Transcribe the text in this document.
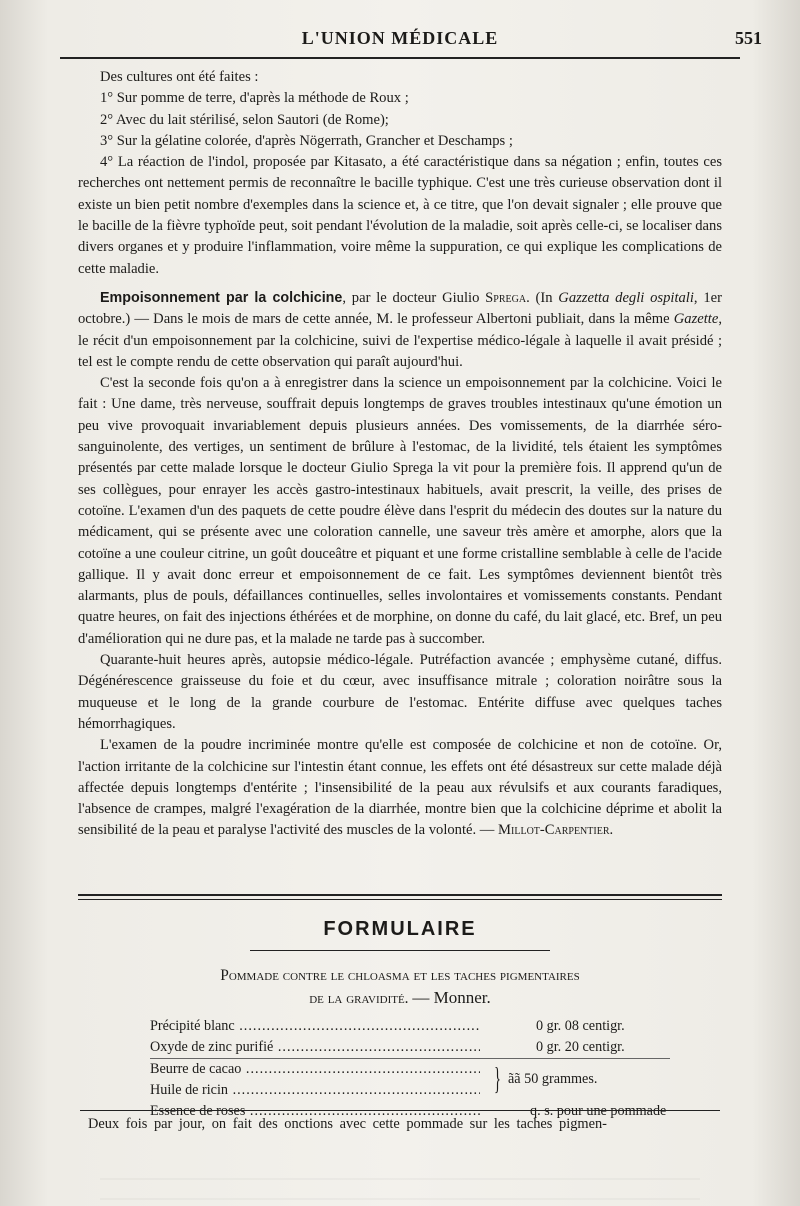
L'UNION MÉDICALE	551

Des cultures ont été faites :

1° Sur pomme de terre, d'après la méthode de Roux ;

2° Avec du lait stérilisé, selon Sautori (de Rome);

3° Sur la gélatine colorée, d'après Nögerrath, Grancher et Deschamps ;

4° La réaction de l'indol, proposée par Kitasato, a été caractéristique dans sa négation ; enfin, toutes ces recherches ont nettement permis de reconnaître le bacille typhique. C'est une très curieuse observation dont il existe un bien petit nombre d'exemples dans la science et, à ce titre, que l'on devait signaler ; elle prouve que le bacille de la fièvre typhoïde peut, soit pendant l'évolution de la maladie, soit après celle-ci, se localiser dans divers organes et y produire l'inflammation, voire même la suppuration, ce qui explique les complications de cette maladie.

Empoisonnement par la colchicine, par le docteur Giulio Sprega. (In Gazzetta degli ospitali, 1er octobre.) — Dans le mois de mars de cette année, M. le professeur Albertoni publiait, dans la même Gazette, le récit d'un empoisonnement par la colchicine, suivi de l'expertise médico-légale à laquelle il avait présidé ; tel est le compte rendu de cette observation qui paraît aujourd'hui.

C'est la seconde fois qu'on a à enregistrer dans la science un empoisonnement par la colchicine. Voici le fait : Une dame, très nerveuse, souffrait depuis longtemps de graves troubles intestinaux qu'une émotion un peu vive provoquait invariablement depuis plusieurs années. Des vomissements, de la diarrhée séro-sanguinolente, des vertiges, un sentiment de brûlure à l'estomac, de la lividité, tels étaient les symptômes présentés par cette malade lorsque le docteur Giulio Sprega la vit pour la première fois. Il apprend qu'un de ses collègues, pour enrayer les accès gastro-intestinaux habituels, avait prescrit, la veille, des prises de cotoïne. L'examen d'un des paquets de cette poudre élève dans l'esprit du médecin des doutes sur la nature du médicament, qui se présente avec une coloration cannelle, une saveur très amère et amorphe, alors que la cotoïne a une couleur citrine, un goût douceâtre et piquant et une forme cristalline semblable à celle de l'acide gallique. Il y avait donc erreur et empoisonnement de ce fait. Les symptômes deviennent bientôt très alarmants, plus de pouls, défaillances continuelles, selles involontaires et vomissements constants. Pendant quatre heures, on fait des injections éthérées et de morphine, on donne du café, du lait glacé, etc. Bref, un peu d'amélioration qui ne dure pas, et la malade ne tarde pas à succomber.

Quarante-huit heures après, autopsie médico-légale. Putréfaction avancée ; emphysème cutané, diffus. Dégénérescence graisseuse du foie et du cœur, avec insuffisance mitrale ; coloration noirâtre sous la muqueuse et le long de la grande courbure de l'estomac. Entérite diffuse avec quelques taches hémorrhagiques.

L'examen de la poudre incriminée montre qu'elle est composée de colchicine et non de cotoïne. Or, l'action irritante de la colchicine sur l'intestin étant connue, les effets ont été désastreux sur cette malade déjà affectée depuis longtemps d'entérite ; l'insensibilité de la peau aux révulsifs et aux courants faradiques, l'absence de crampes, malgré l'exagération de la diarrhée, montre bien que la colchicine déprime et abolit la sensibilité de la peau et paralyse l'activité des muscles de la volonté. — Millot-Carpentier.

FORMULAIRE
Pommade contre le chloasma et les taches pigmentaires
de la gravidité. — Monner.
Précipité blanc .....	0 gr. 08 centigr.
Oxyde de zinc purifié .....	0 gr. 20 centigr.
Beurre de cacao .....
Huile de ricin .....	} ãã 50 grammes.
Essence de roses .....	q. s. pour une pommade
Deux fois par jour, on fait des onctions avec cette pommade sur les taches pigmen-
